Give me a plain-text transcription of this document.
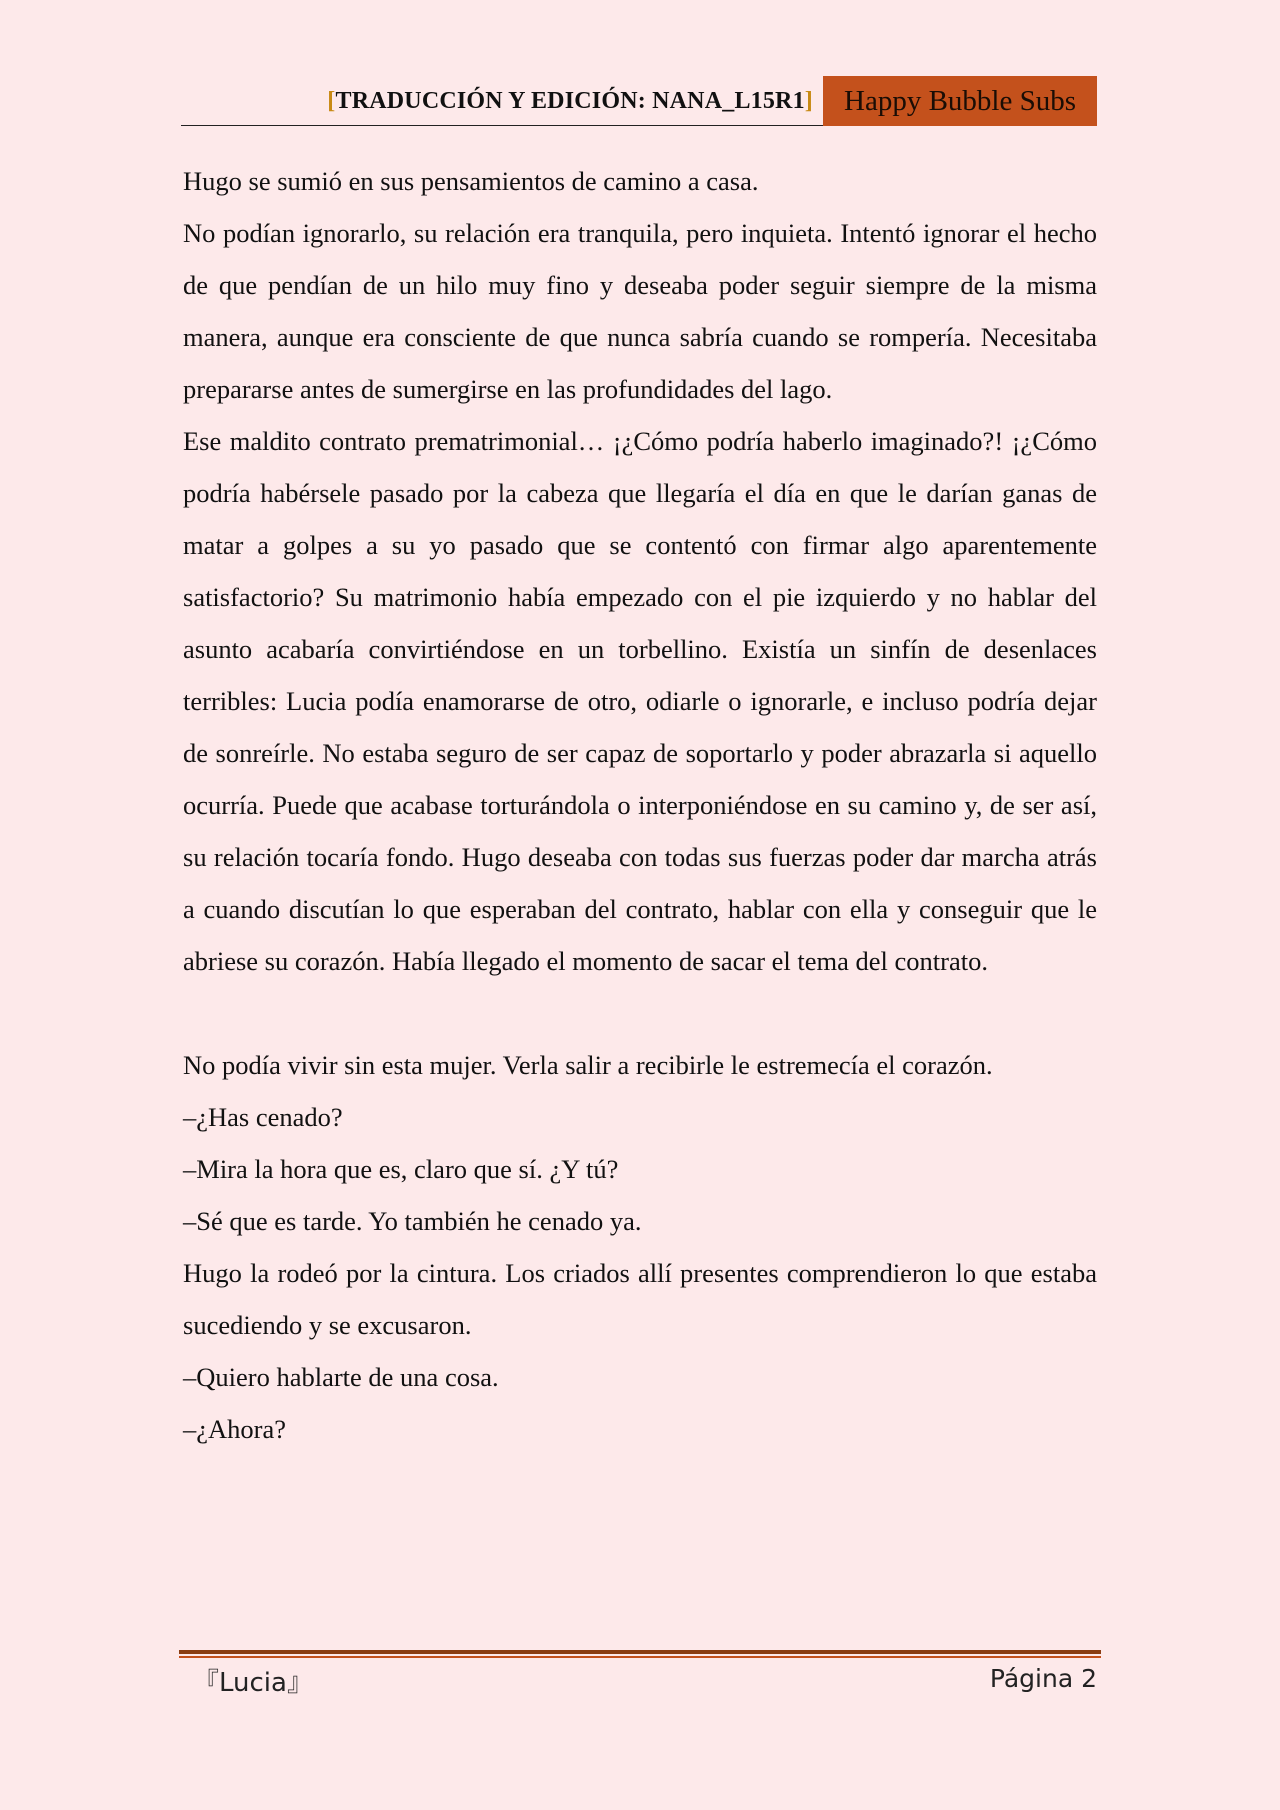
[TRADUCCIÓN Y EDICIÓN: NANA_L15R1]	Happy Bubble Subs

Hugo se sumió en sus pensamientos de camino a casa.

No podían ignorarlo, su relación era tranquila, pero inquieta. Intentó ignorar el hecho de que pendían de un hilo muy fino y deseaba poder seguir siempre de la misma manera, aunque era consciente de que nunca sabría cuando se rompería. Necesitaba prepararse antes de sumergirse en las profundidades del lago.

Ese maldito contrato prematrimonial… ¡¿Cómo podría haberlo imaginado?! ¡¿Cómo podría habérsele pasado por la cabeza que llegaría el día en que le darían ganas de matar a golpes a su yo pasado que se contentó con firmar algo aparentemente satisfactorio? Su matrimonio había empezado con el pie izquierdo y no hablar del asunto acabaría convirtiéndose en un torbellino. Existía un sinfín de desenlaces terribles: Lucia podía enamorarse de otro, odiarle o ignorarle, e incluso podría dejar de sonreírle. No estaba seguro de ser capaz de soportarlo y poder abrazarla si aquello ocurría. Puede que acabase torturándola o interponiéndose en su camino y, de ser así, su relación tocaría fondo. Hugo deseaba con todas sus fuerzas poder dar marcha atrás a cuando discutían lo que esperaban del contrato, hablar con ella y conseguir que le abriese su corazón. Había llegado el momento de sacar el tema del contrato.

No podía vivir sin esta mujer. Verla salir a recibirle le estremecía el corazón.

–¿Has cenado?

–Mira la hora que es, claro que sí. ¿Y tú?

–Sé que es tarde. Yo también he cenado ya.

Hugo la rodeó por la cintura. Los criados allí presentes comprendieron lo que estaba sucediendo y se excusaron.

–Quiero hablarte de una cosa.

–¿Ahora?

『Lucia』	Página 2
